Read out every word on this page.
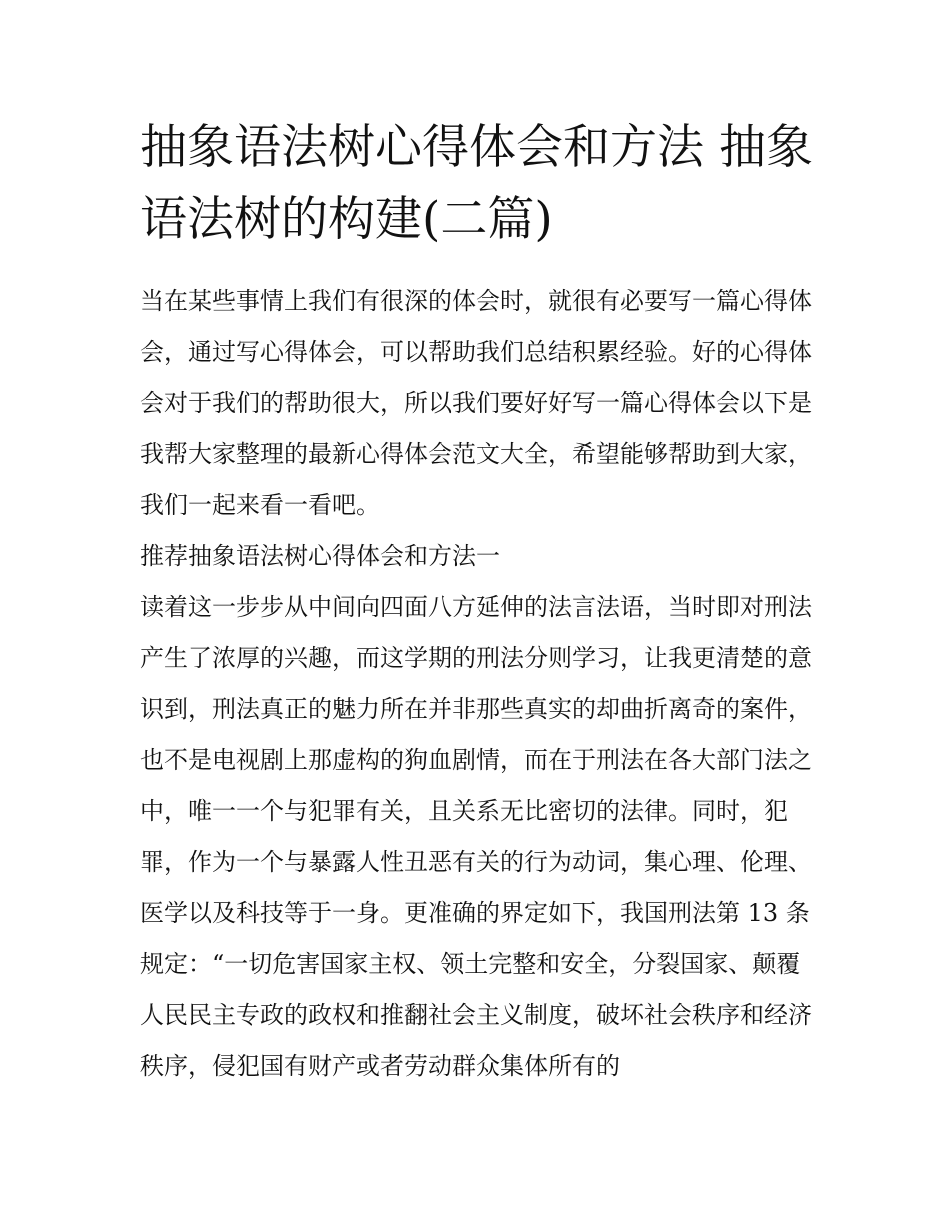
抽象语法树心得体会和方法 抽象语法树的构建(二篇)

当在某些事情上我们有很深的体会时，就很有必要写一篇心得体会，通过写心得体会，可以帮助我们总结积累经验。好的心得体会对于我们的帮助很大，所以我们要好好写一篇心得体会以下是我帮大家整理的最新心得体会范文大全，希望能够帮助到大家，我们一起来看一看吧。

推荐抽象语法树心得体会和方法一

读着这一步步从中间向四面八方延伸的法言法语，当时即对刑法产生了浓厚的兴趣，而这学期的刑法分则学习，让我更清楚的意识到，刑法真正的魅力所在并非那些真实的却曲折离奇的案件，也不是电视剧上那虚构的狗血剧情，而在于刑法在各大部门法之中，唯一一个与犯罪有关，且关系无比密切的法律。同时，犯罪，作为一个与暴露人性丑恶有关的行为动词，集心理、伦理、医学以及科技等于一身。更准确的界定如下，我国刑法第 13 条规定：“一切危害国家主权、领土完整和安全，分裂国家、颠覆人民民主专政的政权和推翻社会主义制度，破坏社会秩序和经济秩序，侵犯国有财产或者劳动群众集体所有的
